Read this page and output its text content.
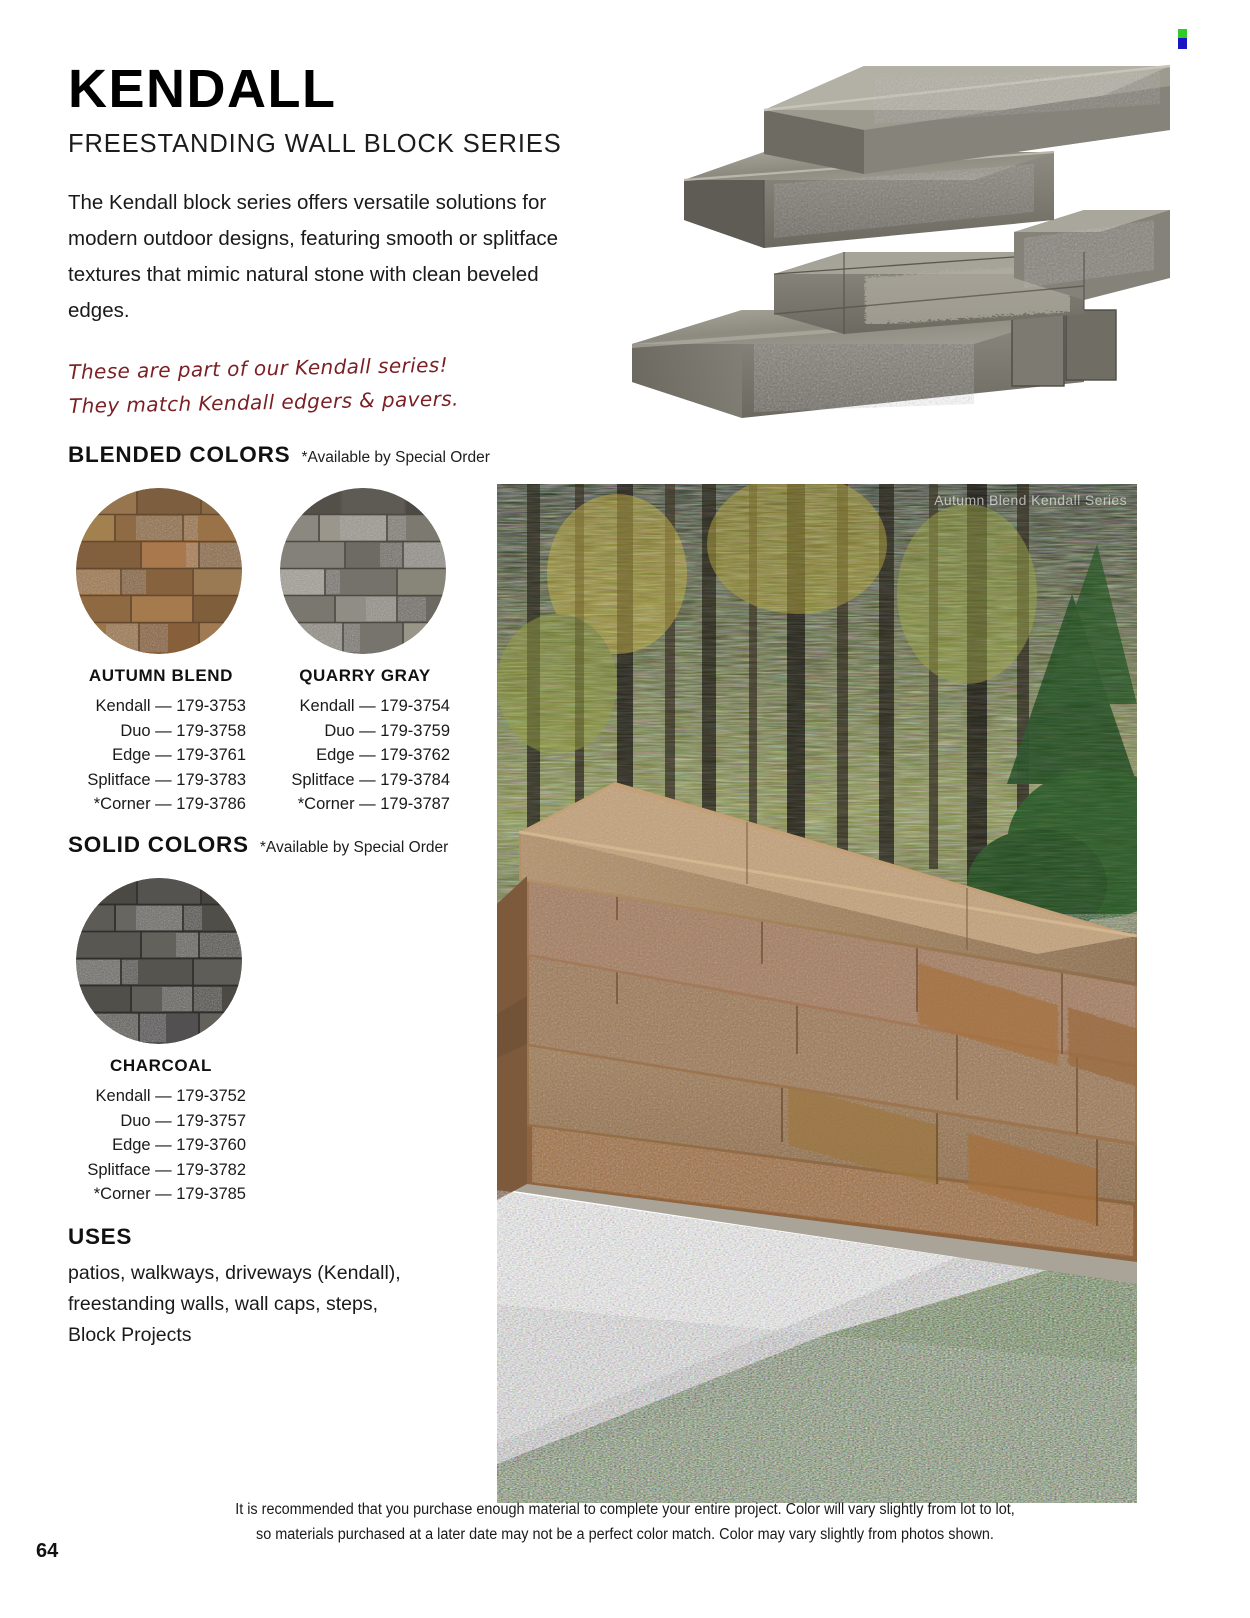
KENDALL
FREESTANDING WALL BLOCK SERIES

The Kendall block series offers versatile solutions for modern outdoor designs, featuring smooth or splitface textures that mimic natural stone with clean beveled edges.

These are part of our Kendall series!
They match Kendall edgers & pavers.
BLENDED COLORS *Available by Special Order
AUTUMN BLEND
Kendall — 179-3753
Duo — 179-3758
Edge — 179-3761
Splitface — 179-3783
*Corner — 179-3786
QUARRY GRAY
Kendall — 179-3754
Duo — 179-3759
Edge — 179-3762
Splitface — 179-3784
*Corner — 179-3787
SOLID COLORS *Available by Special Order
CHARCOAL
Kendall — 179-3752
Duo — 179-3757
Edge — 179-3760
Splitface — 179-3782
*Corner — 179-3785
USES
patios, walkways, driveways (Kendall), freestanding walls, wall caps, steps, Block Projects
Autumn Blend Kendall Series
64
It is recommended that you purchase enough material to complete your entire project. Color will vary slightly from lot to lot,
so materials purchased at a later date may not be a perfect color match. Color may vary slightly from photos shown.
